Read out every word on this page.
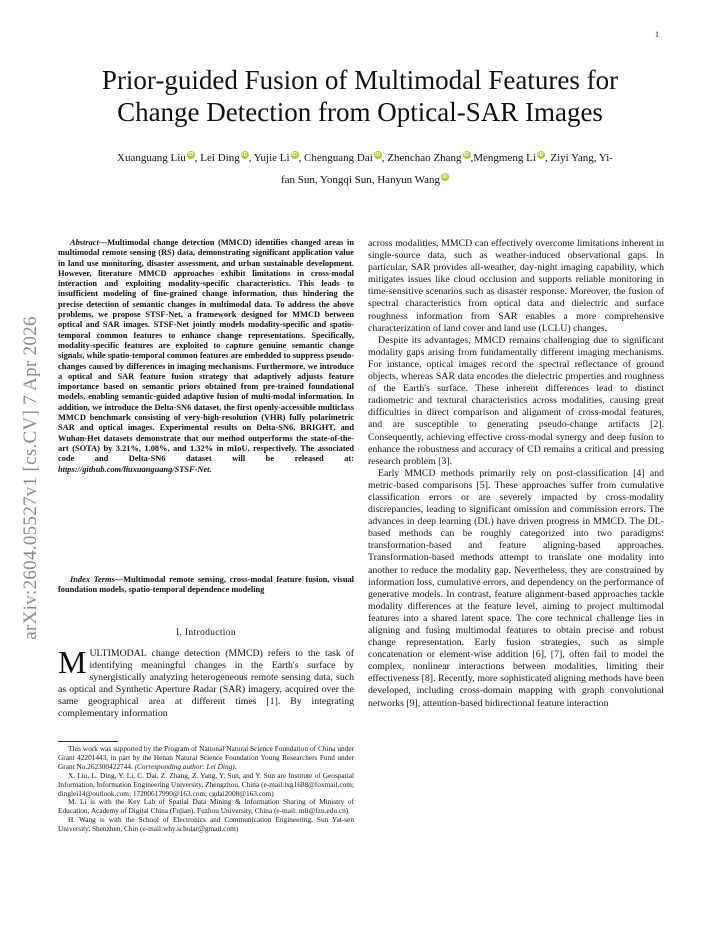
1
arXiv:2604.05527v1 [cs.CV] 7 Apr 2026
Prior-guided Fusion of Multimodal Features for
Change Detection from Optical-SAR Images
Xuanguang Liu iD , Lei Ding iD , Yujie Li iD , Chenguang Dai iD , Zhenchao Zhang iD ,Mengmeng Li iD , Ziyi Yang, Yi-
fan Sun, Yongqi Sun, Hanyun Wang iD

Abstract—Multimodal change detection (MMCD) identifies changed areas in multimodal remote sensing (RS) data, demonstrating significant application value in land use monitoring, disaster assessment, and urban sustainable development. However, literature MMCD approaches exhibit limitations in cross-modal interaction and exploiting modality-specific characteristics. This leads to insufficient modeling of fine-grained change information, thus hindering the precise detection of semantic changes in multimodal data. To address the above problems, we propose STSF-Net, a framework designed for MMCD between optical and SAR images. STSF-Net jointly models modality-specific and spatio-temporal common features to enhance change representations. Specifically, modality-specific features are exploited to capture genuine semantic change signals, while spatio-temporal common features are embedded to suppress pseudo-changes caused by differences in imaging mechanisms. Furthermore, we introduce a optical and SAR feature fusion strategy that adaptively adjusts feature importance based on semantic priors obtained from pre-trained foundational models, enabling semantic-guided adaptive fusion of multi-modal information. In addition, we introduce the Delta-SN6 dataset, the first openly-accessible multiclass MMCD benchmark consisting of very-high-resolution (VHR) fully polarimetric SAR and optical images. Experimental results on Delta-SN6, BRIGHT, and Wuhan-Het datasets demonstrate that our method outperforms the state-of-the-art (SOTA) by 3.21%, 1.08%, and 1.32% in mIoU, respectively. The associated code and Delta-SN6 dataset will be released at: https://github.com/liuxuanguang/STSF-Net.

Index Terms—Multimodal remote sensing, cross-modal feature fusion, visual foundation models, spatio-temporal dependence modeling

I. Introduction
M ULTIMODAL change detection (MMCD) refers to the task of identifying meaningful changes in the Earth's surface by synergistically analyzing heterogeneous remote sensing data, such as optical and Synthetic Aperture Radar (SAR) imagery, acquired over the same geographical area at different times [1]. By integrating complementary information

This work was supported by the Program of National Natural Science Foundation of China under Grant 42201443, in part by the Henan Natural Science Foundation Young Researchers Fund under Grant No.262300422744. (Corresponding author: Lei Ding).

X. Liu, L. Ding, Y. Li, C. Dai, Z. Zhang, Z. Yang, Y. Sun, and Y. Sun are Institute of Geospatial Information, Information Engineering University, Zhengzhou, China (e-mail:lxg1688@foxmail.com; dinglei14@outlook.com; 17200617990@163.com; cgdai2008@163.com)

M. Li is with the Key Lab of Spatial Data Mining & Information Sharing of Ministry of Education, Academy of Digital China (Fujian), Fuzhou University, China (e-mail: mli@fzu.edu.cn).

H. Wang is with the School of Electronics and Communication Engineering, Sun Yat-sen University, Shenzhen, Chin (e-mail:why.scholar@gmail.com)

across modalities, MMCD can effectively overcome limitations inherent in single-source data, such as weather-induced observational gaps. In particular, SAR provides all-weather, day-night imaging capability, which mitigates issues like cloud occlusion and supports reliable monitoring in time-sensitive scenarios such as disaster response. Moreover, the fusion of spectral characteristics from optical data and dielectric and surface roughness information from SAR enables a more comprehensive characterization of land cover and land use (LCLU) changes.

Despite its advantages, MMCD remains challenging due to significant modality gaps arising from fundamentally different imaging mechanisms. For instance, optical images record the spectral reflectance of ground objects, whereas SAR data encodes the dielectric properties and roughness of the Earth's surface. These inherent differences lead to distinct radiometric and textural characteristics across modalities, causing great difficulties in direct comparison and alignment of cross-modal features, and are susceptible to generating pseudo-change artifacts [2]. Consequently, achieving effective cross-modal synergy and deep fusion to enhance the robustness and accuracy of CD remains a critical and pressing research problem [3].

Early MMCD methods primarily rely on post-classification [4] and metric-based comparisons [5]. These approaches suffer from cumulative classification errors or are severely impacted by cross-modality discrepancies, leading to significant omission and commission errors. The advances in deep learning (DL) have driven progress in MMCD. The DL-based methods can be roughly categorized into two paradigms: transformation-based and feature aligning-based approaches. Transformation-based methods attempt to translate one modality into another to reduce the modality gap. Nevertheless, they are constrained by information loss, cumulative errors, and dependency on the performance of generative models. In contrast, feature alignment-based approaches tackle modality differences at the feature level, aiming to project multimodal features into a shared latent space. The core technical challenge lies in aligning and fusing multimodal features to obtain precise and robust change representation. Early fusion strategies, such as simple concatenation or element-wise addition [6], [7], often fail to model the complex, nonlinear interactions between modalities, limiting their effectiveness [8]. Recently, more sophisticated aligning methods have been developed, including cross-domain mapping with graph convolutional networks [9], attention-based bidirectional feature interaction
